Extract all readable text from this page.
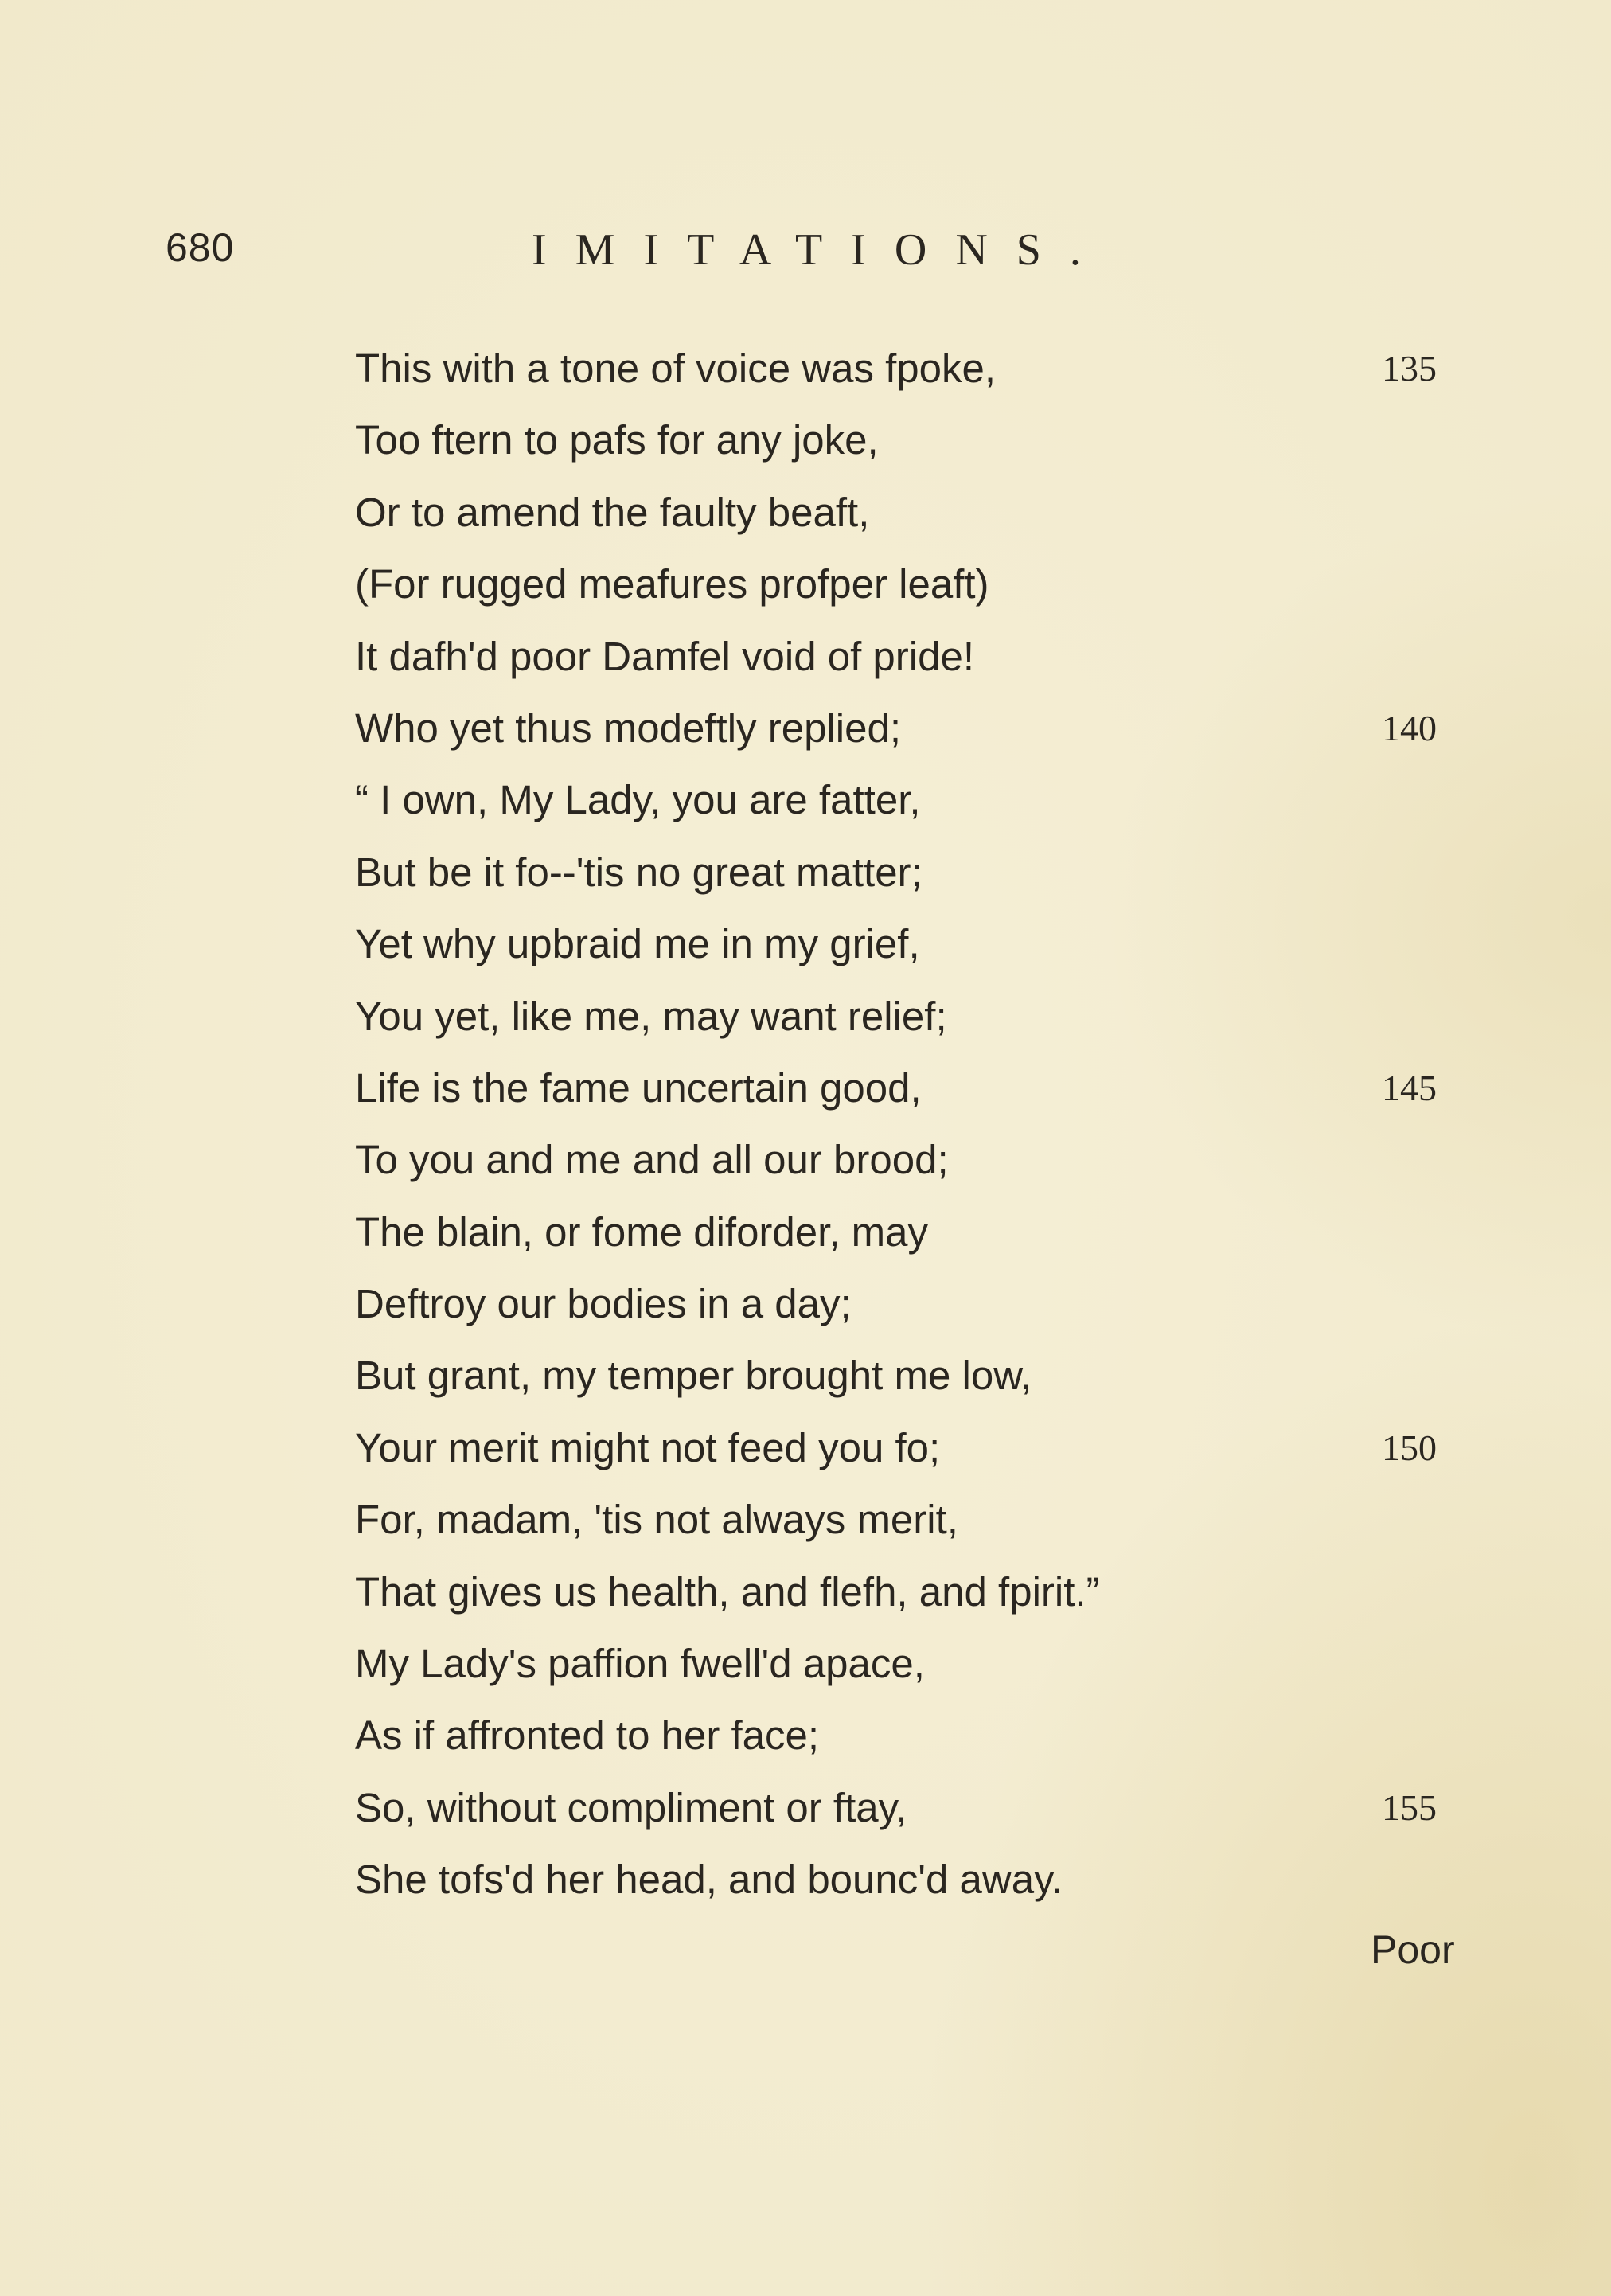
680	IMITATIONS.
This with a tone of voice was fpoke,	135
Too ftern to pafs for any joke,
Or to amend the faulty beaft,
(For rugged meafures profper leaft)
It dafh'd poor Damfel void of pride!
Who yet thus modeftly replied;	140
“ I own, My Lady, you are fatter,
But be it fo--'tis no great matter;
Yet why upbraid me in my grief,
You yet, like me, may want relief;
Life is the fame uncertain good,	145
To you and me and all our brood;
The blain, or fome diforder, may
Deftroy our bodies in a day;
But grant, my temper brought me low,
Your merit might not feed you fo;	150
For, madam, 'tis not always merit,
That gives us health, and flefh, and fpirit.”
My Lady's paffion fwell'd apace,
As if affronted to her face;
So, without compliment or ftay,	155
She tofs'd her head, and bounc'd away.
Poor
